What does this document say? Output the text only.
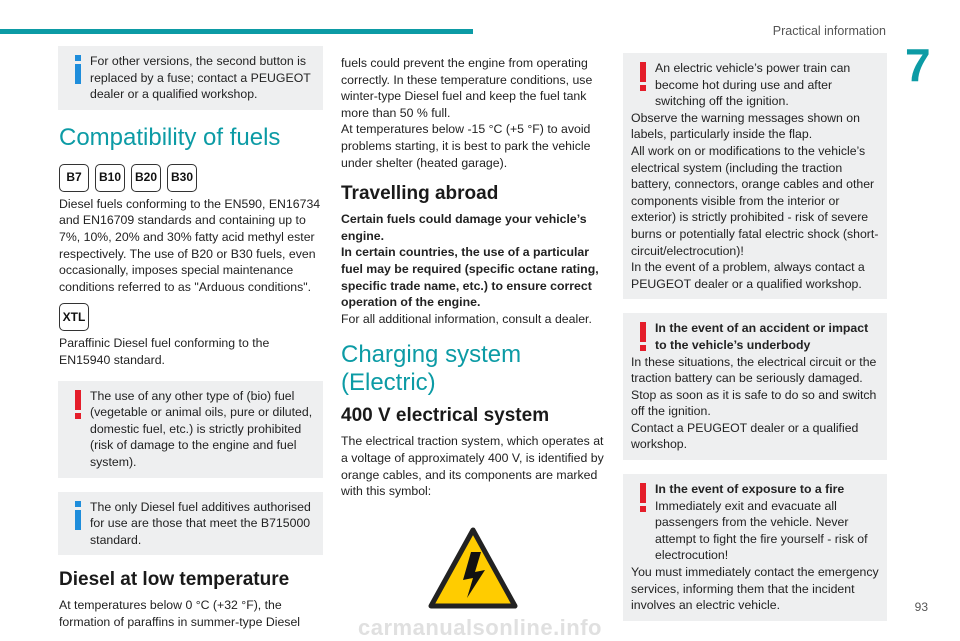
Practical information
7

For other versions, the second button is replaced by a fuse; contact a PEUGEOT dealer or a qualified workshop.

Compatibility of fuels
B7	B10	B20	B30

Diesel fuels conforming to the EN590, EN16734 and EN16709 standards and containing up to 7%, 10%, 20% and 30% fatty acid methyl ester respectively. The use of B20 or B30 fuels, even occasionally, imposes special maintenance conditions referred to as "Arduous conditions".

XTL

Paraffinic Diesel fuel conforming to the EN15940 standard.

The use of any other type of (bio) fuel (vegetable or animal oils, pure or diluted, domestic fuel, etc.) is strictly prohibited (risk of damage to the engine and fuel system).

The only Diesel fuel additives authorised for use are those that meet the B715000 standard.

Diesel at low temperature

At temperatures below 0 °C (+32 °F), the formation of paraffins in summer-type Diesel

fuels could prevent the engine from operating correctly. In these temperature conditions, use winter-type Diesel fuel and keep the fuel tank more than 50 % full.

At temperatures below -15 °C (+5 °F) to avoid problems starting, it is best to park the vehicle under shelter (heated garage).

Travelling abroad

Certain fuels could damage your vehicle’s engine.

In certain countries, the use of a particular fuel may be required (specific octane rating, specific trade name, etc.) to ensure correct operation of the engine.

For all additional information, consult a dealer.

Charging system (Electric)
400 V electrical system

The electrical traction system, which operates at a voltage of approximately 400 V, is identified by orange cables, and its components are marked with this symbol:

An electric vehicle’s power train can become hot during use and after switching off the ignition.

Observe the warning messages shown on labels, particularly inside the flap.

All work on or modifications to the vehicle’s electrical system (including the traction battery, connectors, orange cables and other components visible from the interior or exterior) is strictly prohibited - risk of severe burns or potentially fatal electric shock (short-circuit/electrocution)!

In the event of a problem, always contact a PEUGEOT dealer or a qualified workshop.

In the event of an accident or impact to the vehicle’s underbody

In these situations, the electrical circuit or the traction battery can be seriously damaged.

Stop as soon as it is safe to do so and switch off the ignition.

Contact a PEUGEOT dealer or a qualified workshop.

In the event of exposure to a fire

Immediately exit and evacuate all passengers from the vehicle. Never attempt to fight the fire yourself - risk of electrocution!

You must immediately contact the emergency services, informing them that the incident involves an electric vehicle.	93
carmanualsonline.info
